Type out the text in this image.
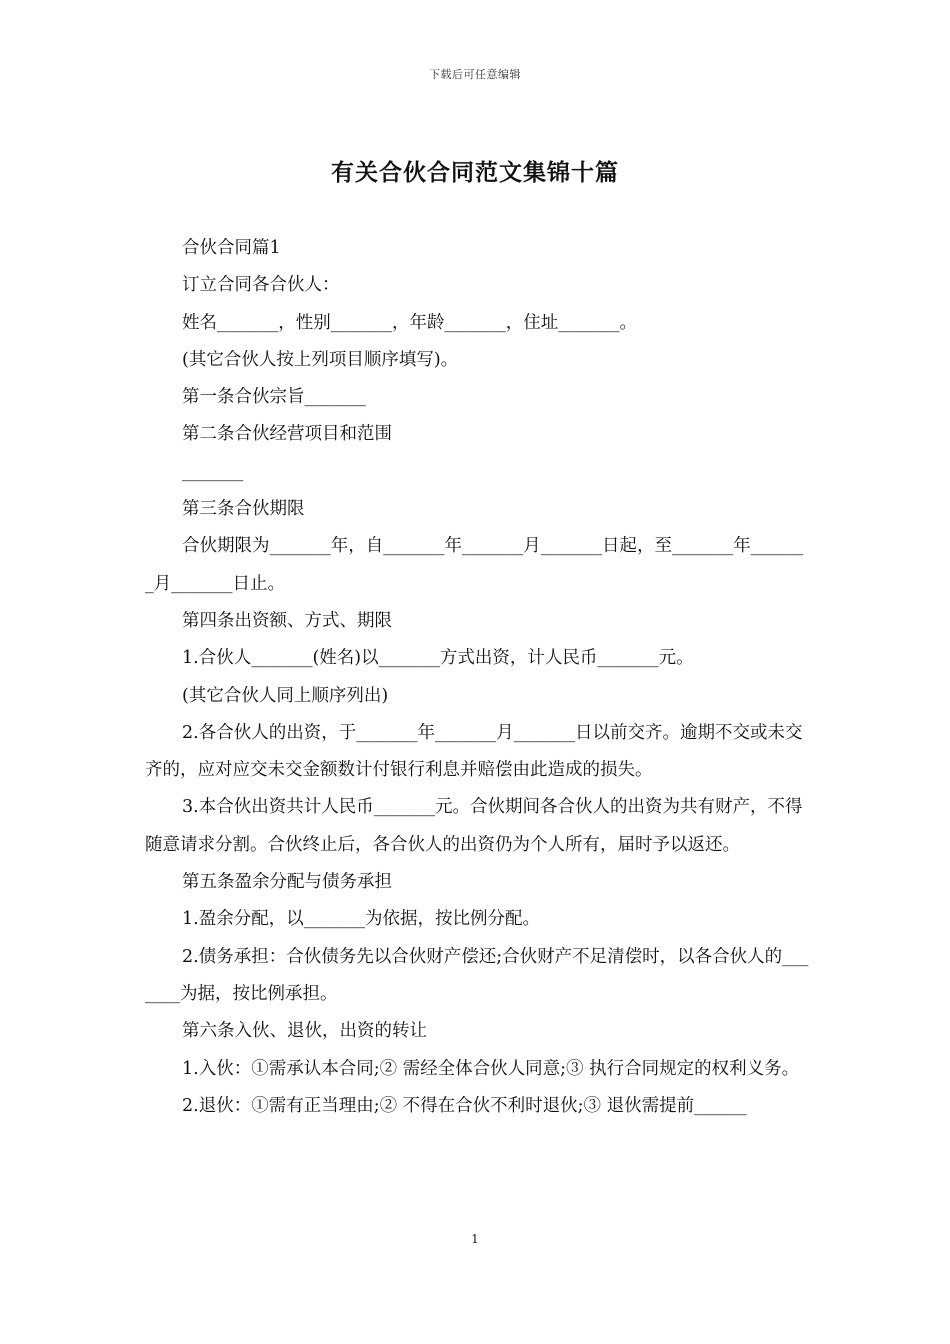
下载后可任意编辑
有关合伙合同范文集锦十篇

合伙合同篇1

订立合同各合伙人：

姓名_______，性别_______，年龄_______，住址_______。

(其它合伙人按上列项目顺序填写)。

第一条合伙宗旨_______

第二条合伙经营项目和范围

_______

第三条合伙期限

合伙期限为_______年，自_______年_______月_______日起，至_______年_______月_______日止。

第四条出资额、方式、期限

1.合伙人_______(姓名)以_______方式出资，计人民币_______元。

(其它合伙人同上顺序列出)

2.各合伙人的出资，于_______年_______月_______日以前交齐。逾期不交或未交齐的，应对应交未交金额数计付银行利息并赔偿由此造成的损失。

3.本合伙出资共计人民币_______元。合伙期间各合伙人的出资为共有财产，不得随意请求分割。合伙终止后，各合伙人的出资仍为个人所有，届时予以返还。

第五条盈余分配与债务承担

1.盈余分配，以_______为依据，按比例分配。

2.债务承担：合伙债务先以合伙财产偿还;合伙财产不足清偿时，以各合伙人的_______为据，按比例承担。

第六条入伙、退伙，出资的转让

1.入伙：①需承认本合同;② 需经全体合伙人同意;③ 执行合同规定的权利义务。

2.退伙：①需有正当理由;② 不得在合伙不利时退伙;③ 退伙需提前______

1
